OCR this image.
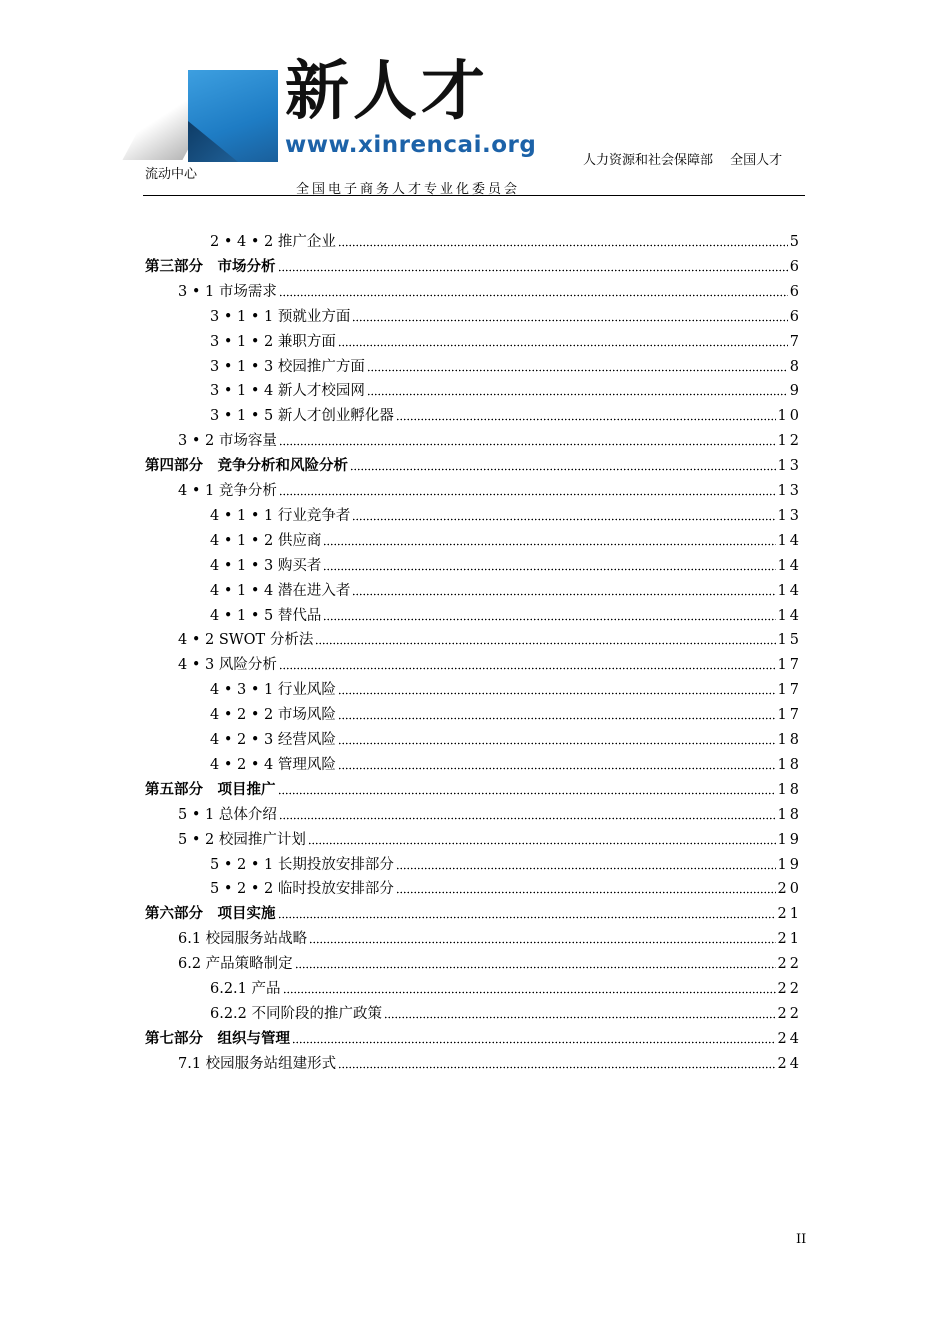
新人才
www.xinrencai.org
人力资源和社会保障部　 全国人才
流动中心
全国电子商务人才专业化委员会
2 • 4 • 2 推广企业	5
第三部分　市场分析	6
3 • 1 市场需求	6
3 • 1 • 1 预就业方面	6
3 • 1 • 2 兼职方面	7
3 • 1 • 3 校园推广方面	8
3 • 1 • 4 新人才校园网	9
3 • 1 • 5 新人才创业孵化器	10
3 • 2 市场容量	12
第四部分　竞争分析和风险分析	13
4 • 1 竞争分析	13
4 • 1 • 1 行业竞争者	13
4 • 1 • 2 供应商	14
4 • 1 • 3 购买者	14
4 • 1 • 4 潜在进入者	14
4 • 1 • 5 替代品	14
4 • 2 SWOT 分析法	15
4 • 3 风险分析	17
4 • 3 • 1 行业风险	17
4 • 2 • 2 市场风险	17
4 • 2 • 3 经营风险	18
4 • 2 • 4 管理风险	18
第五部分　项目推广	18
5 • 1 总体介绍	18
5 • 2 校园推广计划	19
5 • 2 • 1 长期投放安排部分	19
5 • 2 • 2 临时投放安排部分	20
第六部分　项目实施	21
6.1 校园服务站战略	21
6.2 产品策略制定	22
6.2.1 产品	22
6.2.2 不同阶段的推广政策	22
第七部分　组织与管理	24
7.1 校园服务站组建形式	24
II
